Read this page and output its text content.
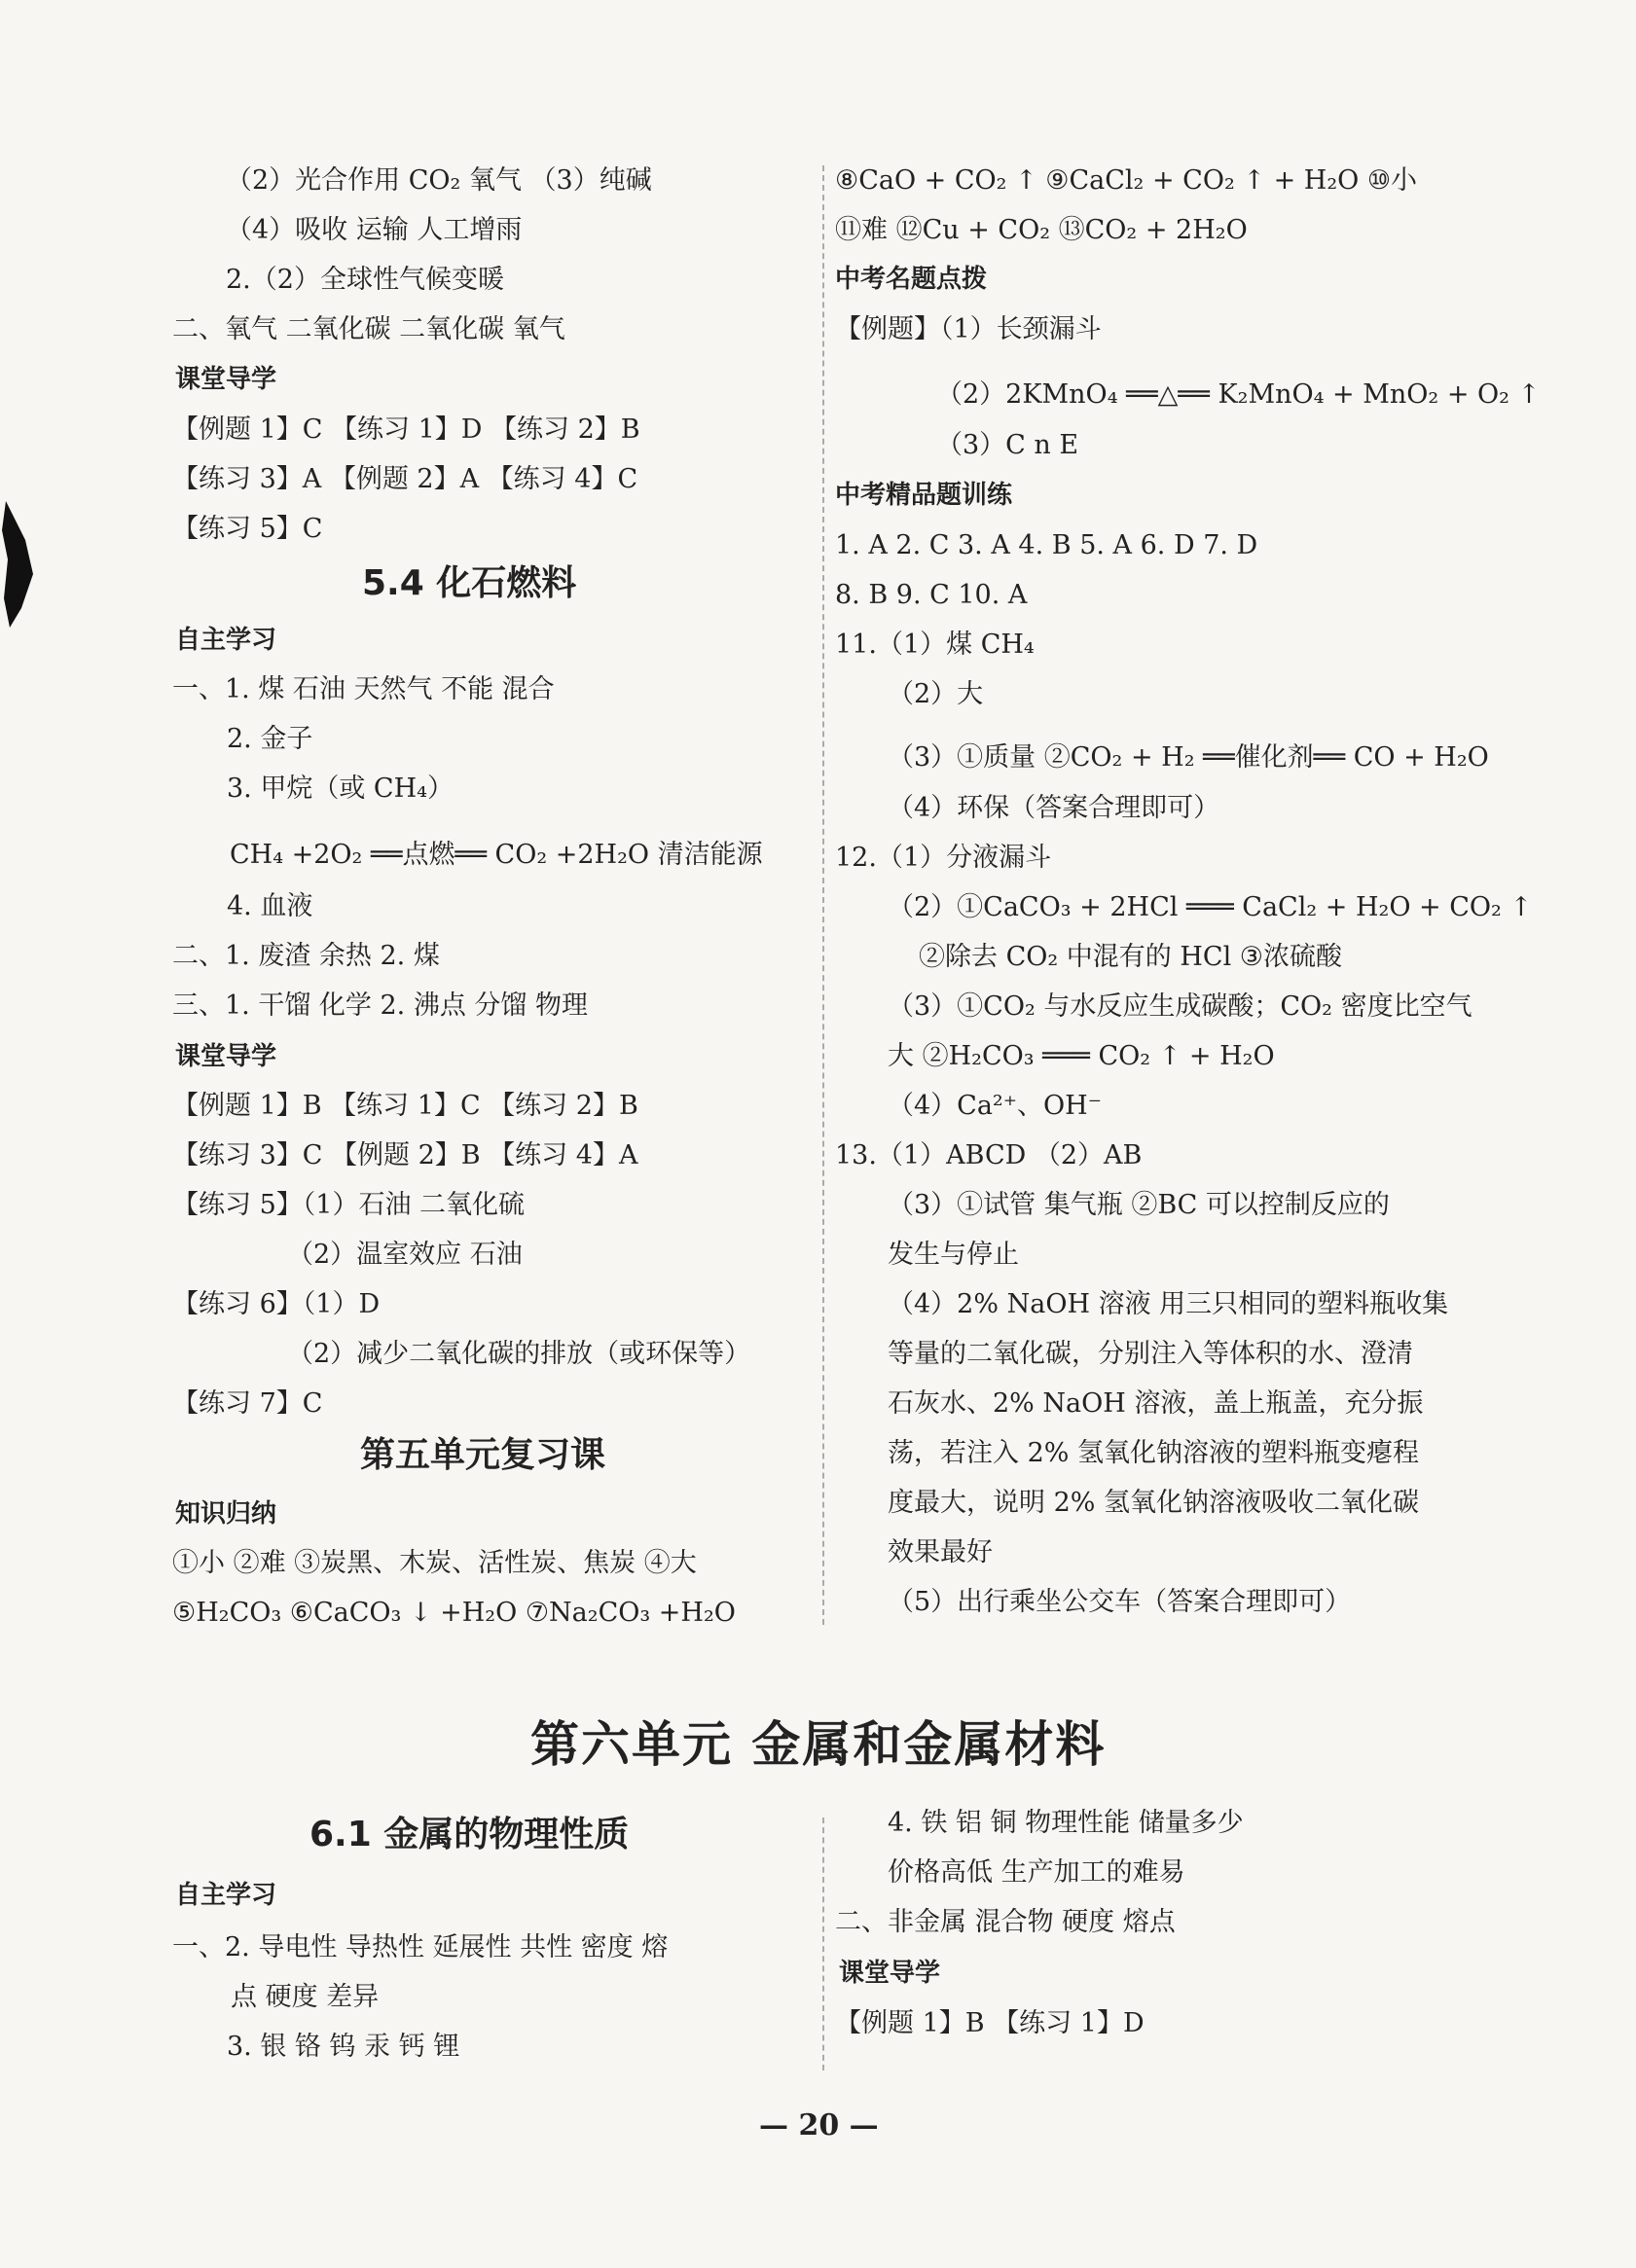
（2）光合作用 CO₂ 氧气 （3）纯碱
（4）吸收 运输 人工增雨
2.（2）全球性气候变暖
二、氧气 二氧化碳 二氧化碳 氧气
课堂导学
【例题 1】C 【练习 1】D 【练习 2】B
【练习 3】A 【例题 2】A 【练习 4】C
【练习 5】C
5.4 化石燃料
自主学习
一、1. 煤 石油 天然气 不能 混合
2. 金子
3. 甲烷（或 CH₄）
CH₄ +2O₂ ══点燃══ CO₂ +2H₂O 清洁能源
4. 血液
二、1. 废渣 余热 2. 煤
三、1. 干馏 化学 2. 沸点 分馏 物理
课堂导学
【例题 1】B 【练习 1】C 【练习 2】B
【练习 3】C 【例题 2】B 【练习 4】A
【练习 5】（1）石油 二氧化硫
（2）温室效应 石油
【练习 6】（1）D
（2）减少二氧化碳的排放（或环保等）
【练习 7】C
第五单元复习课
知识归纳
①小 ②难 ③炭黑、木炭、活性炭、焦炭 ④大
⑤H₂CO₃ ⑥CaCO₃ ↓ +H₂O ⑦Na₂CO₃ +H₂O
⑧CaO + CO₂ ↑ ⑨CaCl₂ + CO₂ ↑ + H₂O ⑩小
⑪难 ⑫Cu + CO₂ ⑬CO₂ + 2H₂O
中考名题点拨
【例题】（1）长颈漏斗
（2）2KMnO₄ ══△══ K₂MnO₄ + MnO₂ + O₂ ↑
（3）C n E
中考精品题训练
1. A 2. C 3. A 4. B 5. A 6. D 7. D
8. B 9. C 10. A
11.（1）煤 CH₄
（2）大
（3）①质量 ②CO₂ + H₂ ══催化剂══ CO + H₂O
（4）环保（答案合理即可）
12.（1）分液漏斗
（2）①CaCO₃ + 2HCl ═══ CaCl₂ + H₂O + CO₂ ↑
②除去 CO₂ 中混有的 HCl ③浓硫酸
（3）①CO₂ 与水反应生成碳酸；CO₂ 密度比空气
大 ②H₂CO₃ ═══ CO₂ ↑ + H₂O
（4）Ca²⁺、OH⁻
13.（1）ABCD （2）AB
（3）①试管 集气瓶 ②BC 可以控制反应的
发生与停止
（4）2% NaOH 溶液 用三只相同的塑料瓶收集
等量的二氧化碳，分别注入等体积的水、澄清
石灰水、2% NaOH 溶液，盖上瓶盖，充分振
荡，若注入 2% 氢氧化钠溶液的塑料瓶变瘪程
度最大，说明 2% 氢氧化钠溶液吸收二氧化碳
效果最好
（5）出行乘坐公交车（答案合理即可）
第六单元 金属和金属材料
6.1 金属的物理性质
自主学习
一、2. 导电性 导热性 延展性 共性 密度 熔
点 硬度 差异
3. 银 铬 钨 汞 钙 锂
4. 铁 铝 铜 物理性能 储量多少
价格高低 生产加工的难易
二、非金属 混合物 硬度 熔点
课堂导学
【例题 1】B 【练习 1】D
— 20 —
